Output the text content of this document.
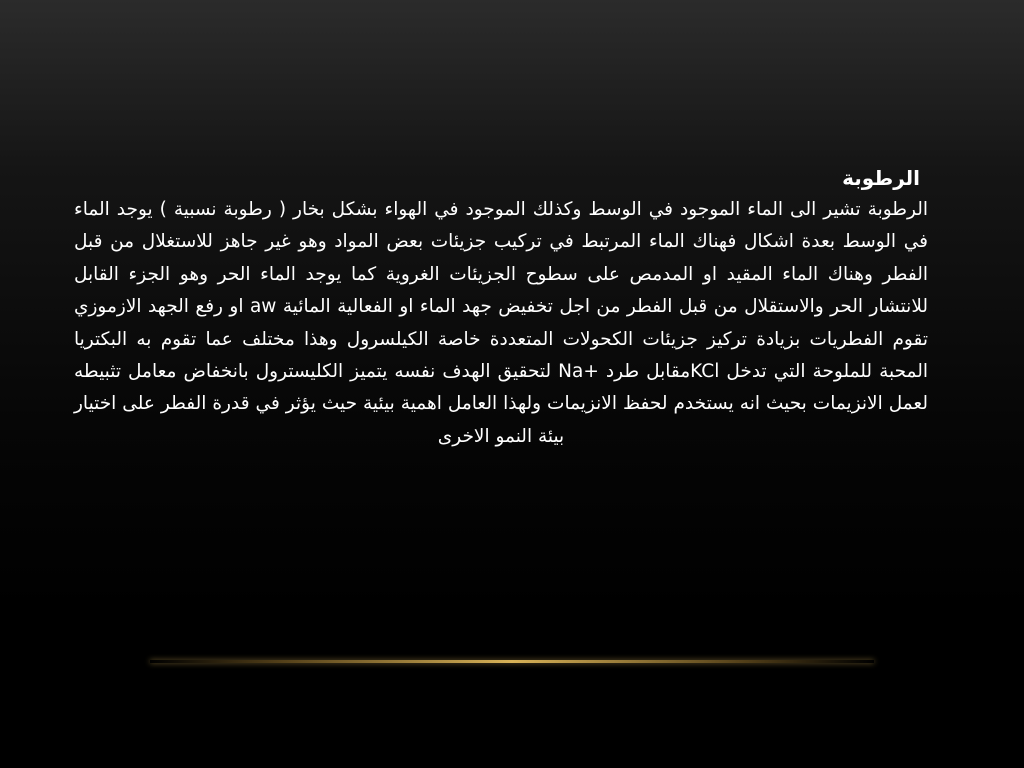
الرطوبة

الرطوبة تشير الى الماء الموجود في الوسط وكذلك الموجود في الهواء بشكل بخار ( رطوبة نسبية ) يوجد الماء في الوسط بعدة اشكال فهناك الماء المرتبط في تركيب جزيئات بعض المواد وهو غير جاهز للاستغلال من قبل الفطر وهناك الماء المقيد او المدمص على سطوح الجزيئات الغروية كما يوجد الماء الحر وهو الجزء القابل للانتشار الحر والاستقلال من قبل الفطر من اجل تخفيض جهد الماء او الفعالية المائية aw او رفع الجهد الازموزي تقوم الفطريات بزيادة تركيز جزيئات الكحولات المتعددة خاصة الكيلسرول وهذا مختلف عما تقوم به البكتريا المحبة للملوحة التي تدخل KClمقابل طرد +Na لتحقيق الهدف نفسه يتميز الكليسترول بانخفاض معامل تثبيطه لعمل الانزيمات بحيث انه يستخدم لحفظ الانزيمات ولهذا العامل اهمية بيئية حيث يؤثر في قدرة الفطر على اختيار بيئة النمو الاخرى
